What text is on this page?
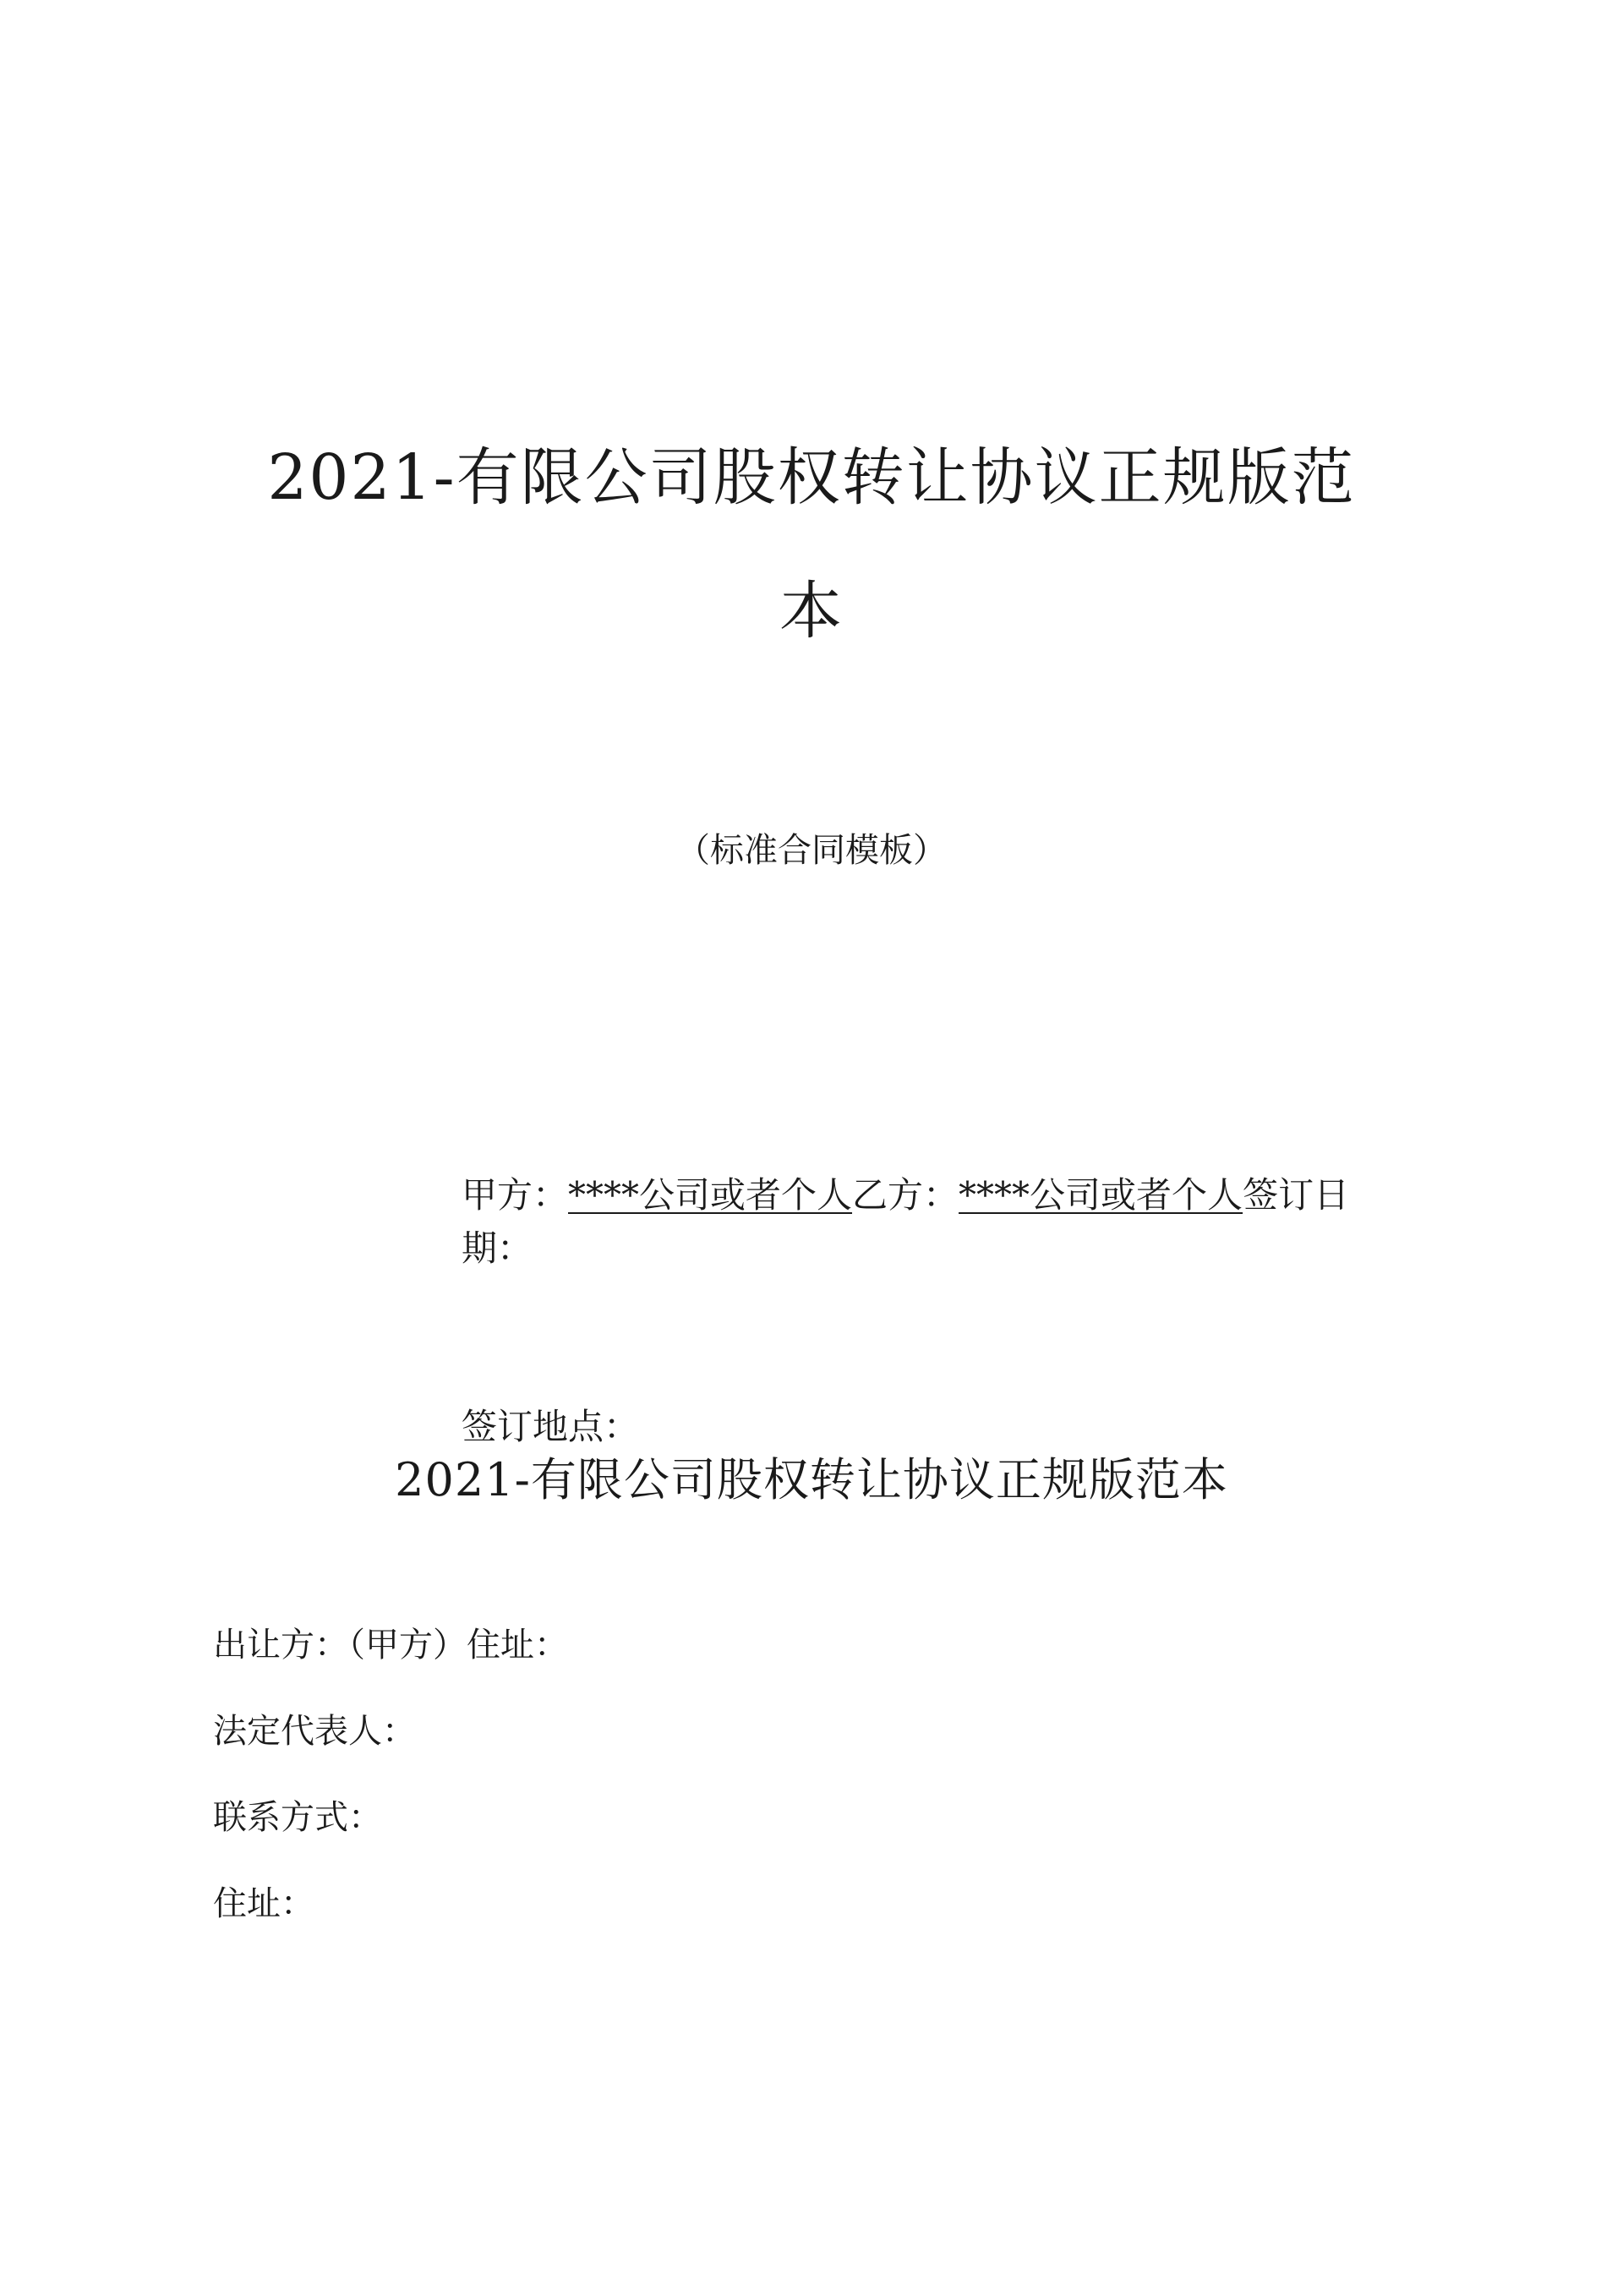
2021-有限公司股权转让协议正规版范
本
（标准合同模板）
甲方：****公司或者个人乙方：****公司或者个人签订日
期：
签订地点：
2021-有限公司股权转让协议正规版范本
出让方：（甲方）住址：
法定代表人：
联系方式：
住址：
